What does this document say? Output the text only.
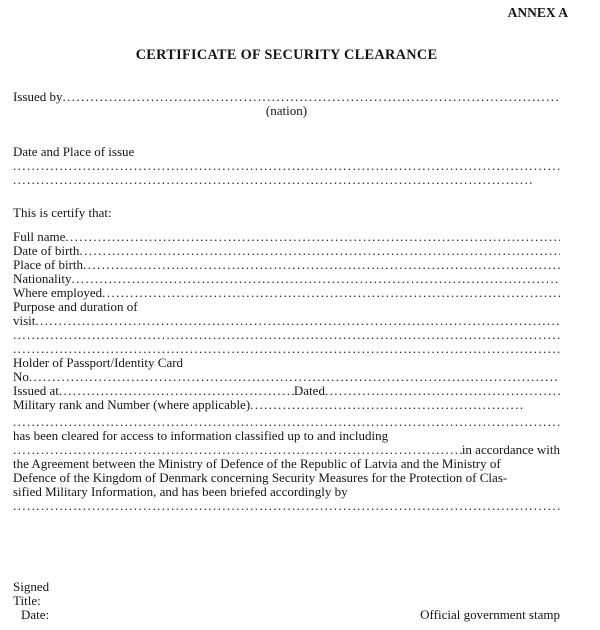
ANNEX A
CERTIFICATE OF SECURITY CLEARANCE
Issued by
.....
(nation)
Date and Place of issue
.....
.....
This is certify that:
Full name
.....
Date of birth
.....
Place of birth
.....
Nationality
.....
Where employed
.....
Purpose and duration of
visit
.....
.....
.....
Holder of Passport/Identity Card
No
.....
Issued at .....	Dated
.....
Military rank and Number (where applicable)
.....
.....
has been cleared for access to information classified up to and including
.....
in accordance with
the Agreement between the Ministry of Defence of the Republic of Latvia and the Ministry of
Defence of the Kingdom of Denmark concerning Security Measures for the Protection of Clas-
sified Military Information, and has been briefed accordingly by
.....
Signed
Title:
Date:	Official government stamp
